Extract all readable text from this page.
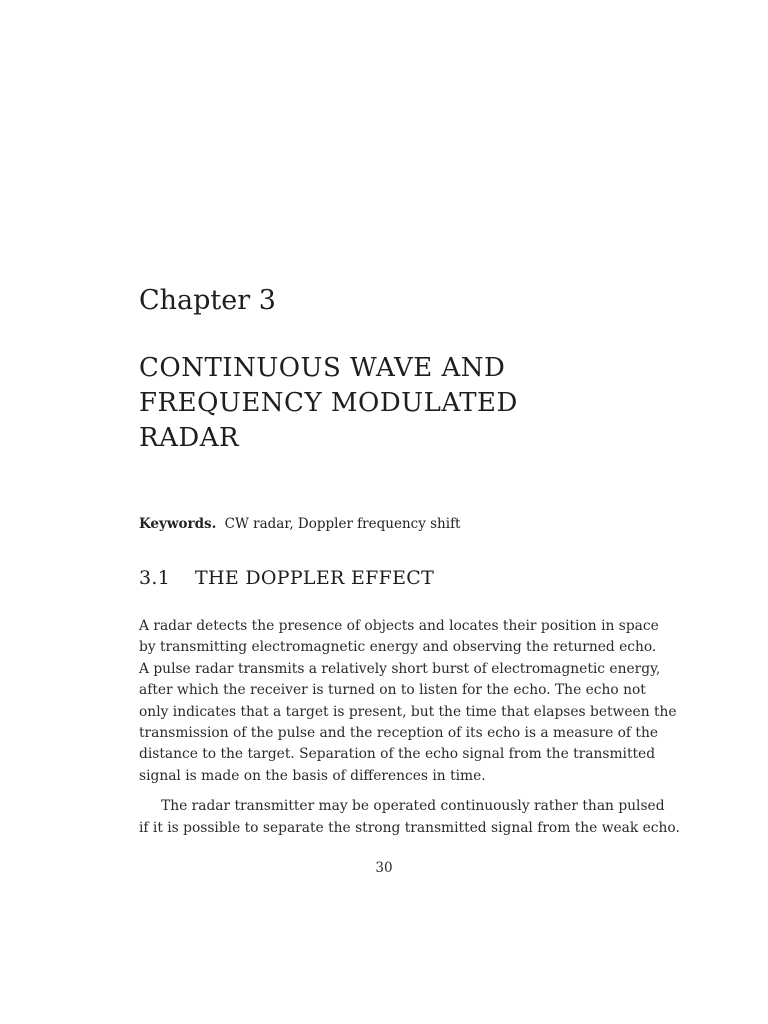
Chapter 3
CONTINUOUS WAVE AND
FREQUENCY MODULATED
RADAR

Keywords. CW radar, Doppler frequency shift

3.1 THE DOPPLER EFFECT
A radar detects the presence of objects and locates their position in space
by transmitting electromagnetic energy and observing the returned echo.
A pulse radar transmits a relatively short burst of electromagnetic energy,
after which the receiver is turned on to listen for the echo. The echo not
only indicates that a target is present, but the time that elapses between the
transmission of the pulse and the reception of its echo is a measure of the
distance to the target. Separation of the echo signal from the transmitted
signal is made on the basis of differences in time.
The radar transmitter may be operated continuously rather than pulsed
if it is possible to separate the strong transmitted signal from the weak echo.

30
